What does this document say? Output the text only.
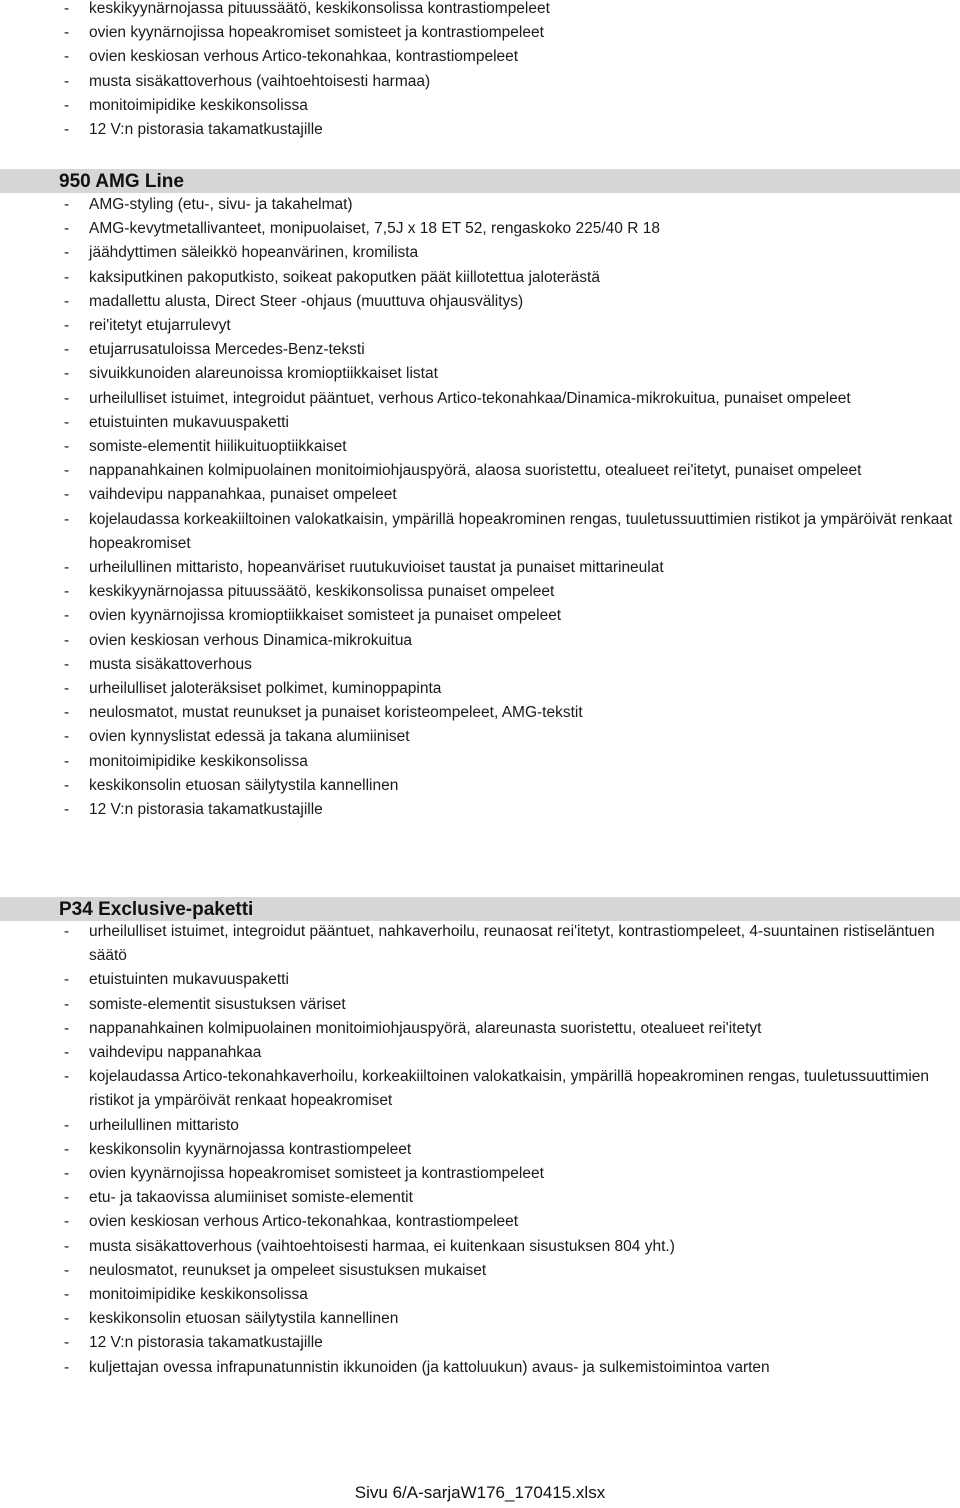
- keskikyynärnojassa pituussäätö, keskikonsolissa kontrastiompeleet
- ovien kyynärnojissa hopeakromiset somisteet ja kontrastiompeleet
- ovien keskiosan verhous Artico-tekonahkaa, kontrastiompeleet
- musta sisäkattoverhous (vaihtoehtoisesti harmaa)
- monitoimipidike keskikonsolissa
- 12 V:n pistorasia takamatkustajille
950 AMG Line
- AMG-styling (etu-, sivu- ja takahelmat)
- AMG-kevytmetallivanteet, monipuolaiset, 7,5J x 18 ET 52, rengaskoko 225/40 R 18
- jäähdyttimen säleikkö hopeanvärinen, kromilista
- kaksiputkinen pakoputkisto, soikeat pakoputken päät kiillotettua jaloterästä
- madallettu alusta, Direct Steer -ohjaus (muuttuva ohjausvälitys)
- rei'itetyt etujarrulevyt
- etujarrusatuloissa Mercedes-Benz-teksti
- sivuikkunoiden alareunoissa kromioptiikkaiset listat
- urheilulliset istuimet, integroidut pääntuet, verhous Artico-tekonahkaa/Dinamica-mikrokuitua, punaiset ompeleet
- etuistuinten mukavuuspaketti
- somiste-elementit hiilikuituoptiikkaiset
- nappanahkainen kolmipuolainen monitoimiohjauspyörä, alaosa suoristettu, otealueet rei'itetyt, punaiset ompeleet
- vaihdevipu nappanahkaa, punaiset ompeleet
- kojelaudassa korkeakiiltoinen valokatkaisin, ympärillä hopeakrominen rengas, tuuletussuuttimien ristikot ja ympäröivät renkaat hopeakromiset
- urheilullinen mittaristo, hopeanväriset ruutukuvioiset taustat ja punaiset mittarineulat
- keskikyynärnojassa pituussäätö, keskikonsolissa punaiset ompeleet
- ovien kyynärnojissa kromioptiikkaiset somisteet ja punaiset ompeleet
- ovien keskiosan verhous Dinamica-mikrokuitua
- musta sisäkattoverhous
- urheilulliset jaloteräksiset polkimet, kuminoppapinta
- neulosmatot, mustat reunukset ja punaiset koristeompeleet, AMG-tekstit
- ovien kynnyslistat edessä ja takana alumiiniset
- monitoimipidike keskikonsolissa
- keskikonsolin etuosan säilytystila kannellinen
- 12 V:n pistorasia takamatkustajille
P34 Exclusive-paketti
- urheilulliset istuimet, integroidut pääntuet, nahkaverhoilu, reunaosat rei'itetyt, kontrastiompeleet, 4-suuntainen ristiseläntuen säätö
- etuistuinten mukavuuspaketti
- somiste-elementit sisustuksen väriset
- nappanahkainen kolmipuolainen monitoimiohjauspyörä, alareunasta suoristettu, otealueet rei'itetyt
- vaihdevipu nappanahkaa
- kojelaudassa Artico-tekonahkaverhoilu, korkeakiiltoinen valokatkaisin, ympärillä hopeakrominen rengas, tuuletussuuttimien ristikot ja ympäröivät renkaat hopeakromiset
- urheilullinen mittaristo
- keskikonsolin kyynärnojassa kontrastiompeleet
- ovien kyynärnojissa hopeakromiset somisteet ja kontrastiompeleet
- etu- ja takaovissa alumiiniset somiste-elementit
- ovien keskiosan verhous Artico-tekonahkaa, kontrastiompeleet
- musta sisäkattoverhous (vaihtoehtoisesti harmaa, ei kuitenkaan sisustuksen 804 yht.)
- neulosmatot, reunukset ja ompeleet sisustuksen mukaiset
- monitoimipidike keskikonsolissa
- keskikonsolin etuosan säilytystila kannellinen
- 12 V:n pistorasia takamatkustajille
- kuljettajan ovessa infrapunatunnistin ikkunoiden (ja kattoluukun) avaus- ja sulkemistoimintoa varten
Sivu 6/A-sarjaW176_170415.xlsx
